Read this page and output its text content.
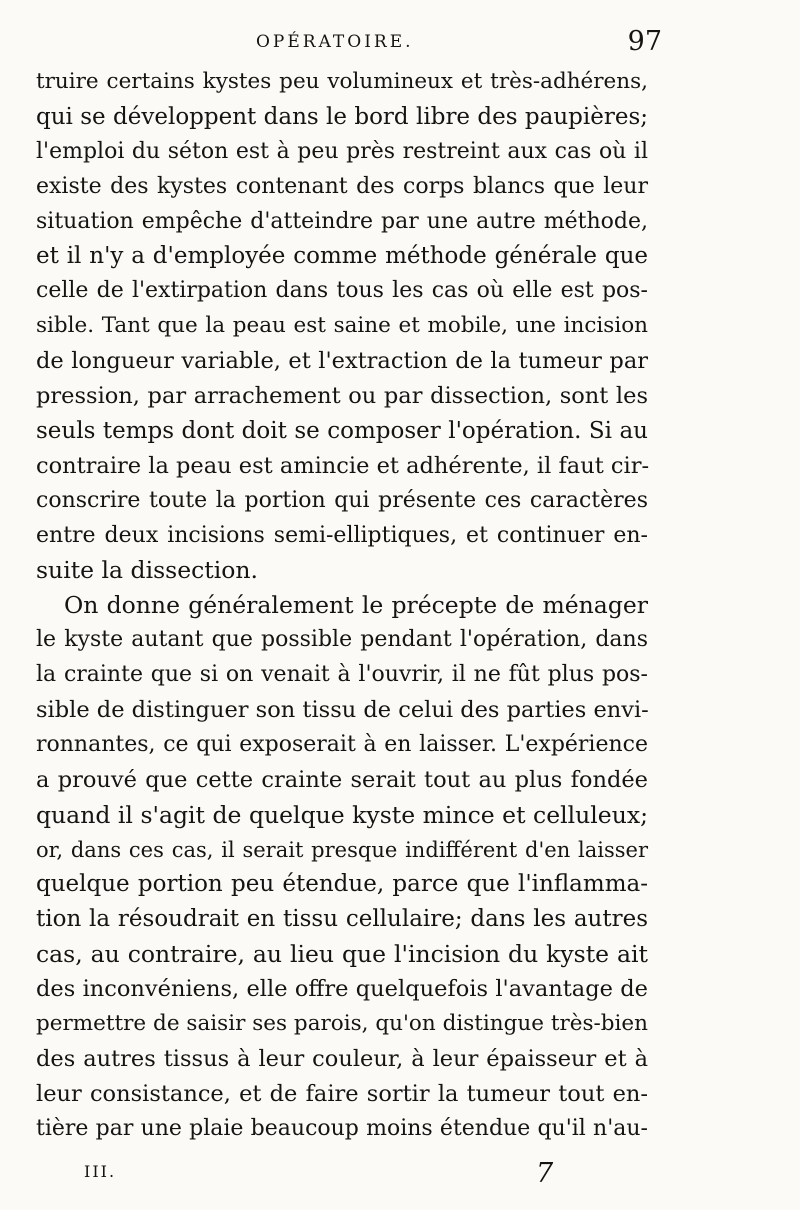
OPÉRATOIRE.	97
truire certains kystes peu volumineux et très-adhérens,
qui se développent dans le bord libre des paupières;
l'emploi du séton est à peu près restreint aux cas où il
existe des kystes contenant des corps blancs que leur
situation empêche d'atteindre par une autre méthode,
et il n'y a d'employée comme méthode générale que
celle de l'extirpation dans tous les cas où elle est pos-
sible. Tant que la peau est saine et mobile, une incision
de longueur variable, et l'extraction de la tumeur par
pression, par arrachement ou par dissection, sont les
seuls temps dont doit se composer l'opération. Si au
contraire la peau est amincie et adhérente, il faut cir-
conscrire toute la portion qui présente ces caractères
entre deux incisions semi-elliptiques, et continuer en-
suite la dissection.
On donne généralement le précepte de ménager
le kyste autant que possible pendant l'opération, dans
la crainte que si on venait à l'ouvrir, il ne fût plus pos-
sible de distinguer son tissu de celui des parties envi-
ronnantes, ce qui exposerait à en laisser. L'expérience
a prouvé que cette crainte serait tout au plus fondée
quand il s'agit de quelque kyste mince et celluleux;
or, dans ces cas, il serait presque indifférent d'en laisser
quelque portion peu étendue, parce que l'inflamma-
tion la résoudrait en tissu cellulaire; dans les autres
cas, au contraire, au lieu que l'incision du kyste ait
des inconvéniens, elle offre quelquefois l'avantage de
permettre de saisir ses parois, qu'on distingue très-bien
des autres tissus à leur couleur, à leur épaisseur et à
leur consistance, et de faire sortir la tumeur tout en-
tière par une plaie beaucoup moins étendue qu'il n'au-
III.	7
